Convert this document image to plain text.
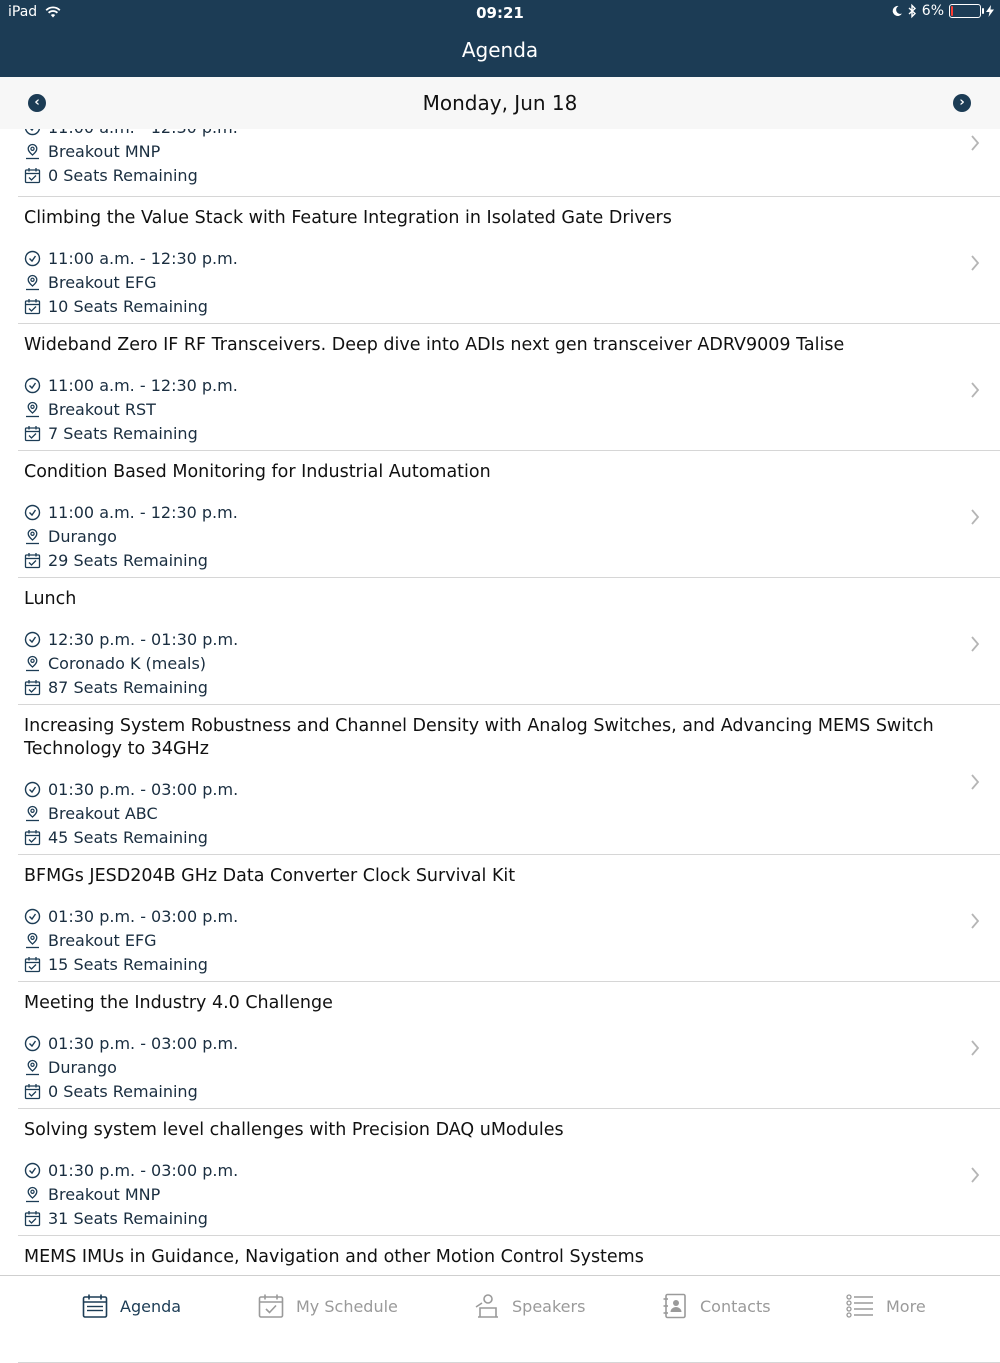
iPad	09:21	6%
Agenda
‹	Monday, Jun 18	›
Breakout MNP
0 Seats Remaining
Climbing the Value Stack with Feature Integration in Isolated Gate Drivers
11:00 a.m. - 12:30 p.m.
Breakout EFG
10 Seats Remaining
Wideband Zero IF RF Transceivers. Deep dive into ADIs next gen transceiver ADRV9009 Talise
11:00 a.m. - 12:30 p.m.
Breakout RST
7 Seats Remaining
Condition Based Monitoring for Industrial Automation
11:00 a.m. - 12:30 p.m.
Durango
29 Seats Remaining
Lunch
12:30 p.m. - 01:30 p.m.
Coronado K (meals)
87 Seats Remaining
Increasing System Robustness and Channel Density with Analog Switches, and Advancing MEMS Switch Technology to 34GHz
01:30 p.m. - 03:00 p.m.
Breakout ABC
45 Seats Remaining
BFMGs JESD204B GHz Data Converter Clock Survival Kit
01:30 p.m. - 03:00 p.m.
Breakout EFG
15 Seats Remaining
Meeting the Industry 4.0 Challenge
01:30 p.m. - 03:00 p.m.
Durango
0 Seats Remaining
Solving system level challenges with Precision DAQ uModules
01:30 p.m. - 03:00 p.m.
Breakout MNP
31 Seats Remaining
MEMS IMUs in Guidance, Navigation and other Motion Control Systems
Agenda	My Schedule	Speakers	Contacts	More
